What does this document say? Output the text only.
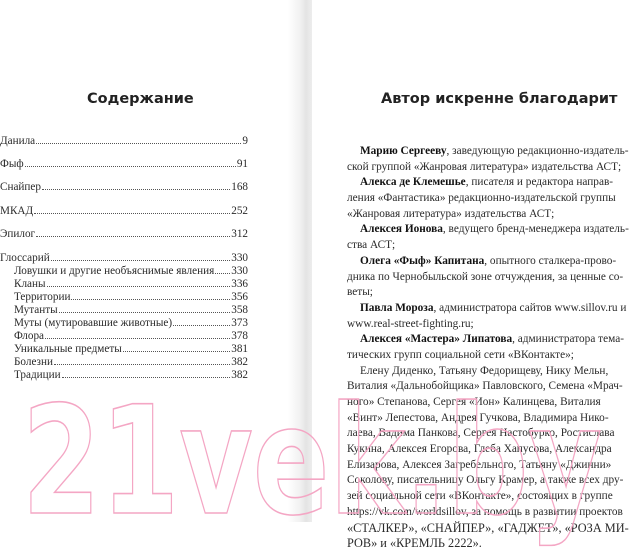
Содержание
Данила	9
Фыф	91
Снайпер	168
МКАД	252
Эпилог	312
Глоссарий	330
Ловушки и другие необъяснимые явления 330
Кланы	336
Территории	356
Мутанты	358
Муты (мутировавшие животные)	373
Флора	378
Уникальные предметы	381
Болезни	382
Традиции	382
Автор искренне благодарит
Марию Сергееву, заведующую редакционно-издатель-
ской группой «Жанровая литература» издательства АСТ;
Алекса де Клемешье, писателя и редактора направ-
ления «Фантастика» редакционно-издательской группы
«Жанровая литература» издательства АСТ;
Алексея Ионова, ведущего бренд-менеджера издатель-
ства АСТ;
Олега «Фыф» Капитана, опытного сталкера-прово-
дника по Чернобыльской зоне отчуждения, за ценные со-
веты;
Павла Мороза, администратора сайтов www.sillov.ru и
www.real-street-fighting.ru;
Алексея «Мастера» Липатова, администратора тема-
тических групп социальной сети «ВКонтакте»;
Елену Диденко, Татьяну Федорищеву, Нику Мельн,
Виталия «Дальнобойщика» Павловского, Семена «Мрач-
ного» Степанова, Сергея «Ион» Калинцева, Виталия
«Винт» Лепестова, Андрея Гучкова, Владимира Нико-
лаева, Вадима Панкова, Сергея Настобурко, Ростислава
Кукина, Алексея Егорова, Глеба Хапусова, Александра
Елизарова, Алексея Загребельного, Татьяну «Джинни»
Соколову, писательницу Ольгу Крамер, а также всех дру-
зей социальной сети «ВКонтакте», состоящих в группе
https://vk.com/worldsillov, за помощь в развитии проектов
«СТАЛКЕР», «СНАЙПЕР», «ГАДЖЕТ», «РОЗА МИ-
РОВ» и «КРЕМЛЬ 2222».
21vek.by
